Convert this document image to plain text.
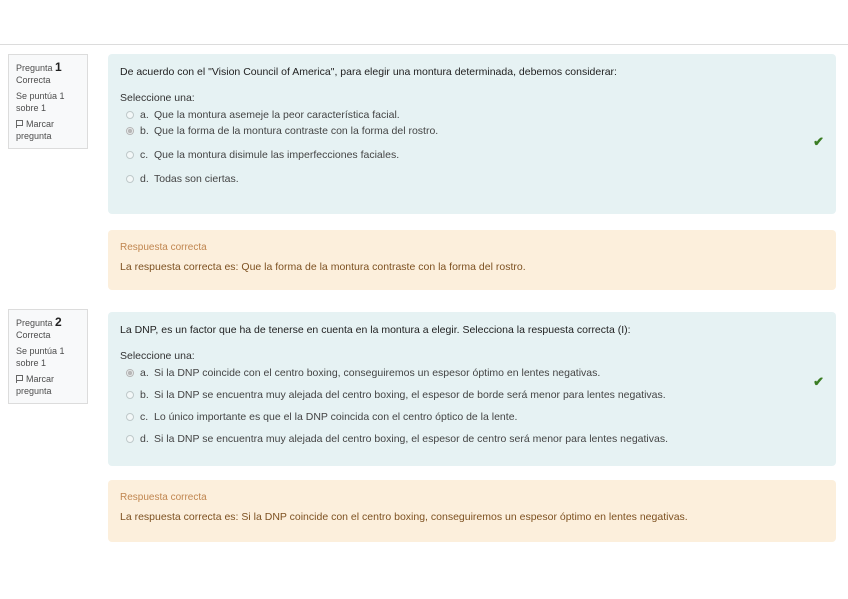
Pregunta 1
Correcta
Se puntúa 1 sobre 1
Marcar pregunta
De acuerdo con el "Vision Council of America", para elegir una montura determinada, debemos considerar:
Seleccione una:
a. Que la montura asemeje la peor característica facial.
b. Que la forma de la montura contraste con la forma del rostro.
c. Que la montura disimule las imperfecciones faciales.
d. Todas son ciertas.
✔
Respuesta correcta
La respuesta correcta es: Que la forma de la montura contraste con la forma del rostro.
Pregunta 2
Correcta
Se puntúa 1 sobre 1
Marcar pregunta
La DNP, es un factor que ha de tenerse en cuenta en la montura a elegir. Selecciona la respuesta correcta (I):
Seleccione una:
a. Si la DNP coincide con el centro boxing, conseguiremos un espesor óptimo en lentes negativas.
b. Si la DNP se encuentra muy alejada del centro boxing, el espesor de borde será menor para lentes negativas.
c. Lo único importante es que el la DNP coincida con el centro óptico de la lente.
d. Si la DNP se encuentra muy alejada del centro boxing, el espesor de centro será menor para lentes negativas.
✔
Respuesta correcta
La respuesta correcta es: Si la DNP coincide con el centro boxing, conseguiremos un espesor óptimo en lentes negativas.
